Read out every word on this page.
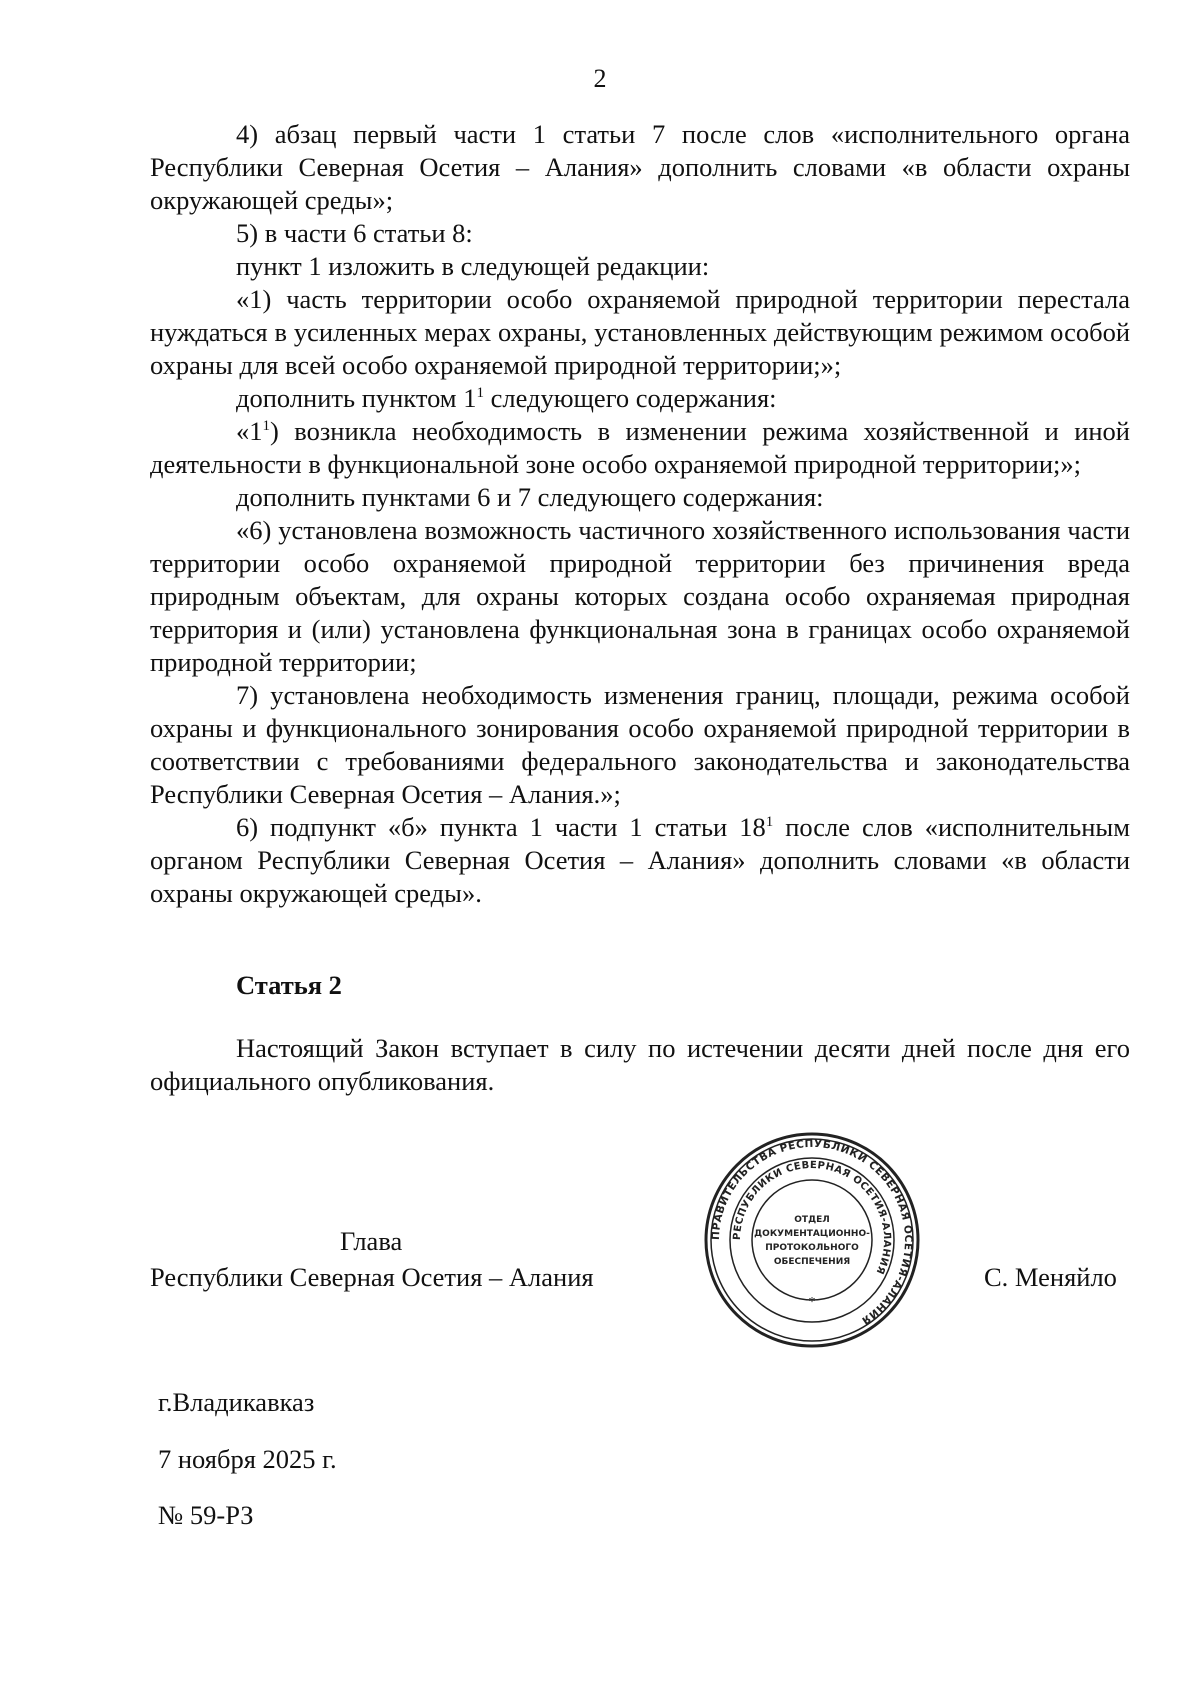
2

4) абзац первый части 1 статьи 7 после слов «исполнительного органа Республики Северная Осетия – Алания» дополнить словами «в области охраны окружающей среды»;

5) в части 6 статьи 8:

пункт 1 изложить в следующей редакции:

«1) часть территории особо охраняемой природной территории перестала нуждаться в усиленных мерах охраны, установленных действующим режимом особой охраны для всей особо охраняемой природной территории;»;

дополнить пунктом $1^1$ следующего содержания:

«$1^1$) возникла необходимость в изменении режима хозяйственной и иной деятельности в функциональной зоне особо охраняемой природной территории;»;

дополнить пунктами 6 и 7 следующего содержания:

«6) установлена возможность частичного хозяйственного использования части территории особо охраняемой природной территории без причинения вреда природным объектам, для охраны которых создана особо охраняемая природная территория и (или) установлена функциональная зона в границах особо охраняемой природной территории;

7) установлена необходимость изменения границ, площади, режима особой охраны и функционального зонирования особо охраняемой природной территории в соответствии с требованиями федерального законодательства и законодательства Республики Северная Осетия – Алания.»;

6) подпункт «б» пункта 1 части 1 статьи $18^1$ после слов «исполнительным органом Республики Северная Осетия – Алания» дополнить словами «в области охраны окружающей среды».

Статья 2

Настоящий Закон вступает в силу по истечении десяти дней после дня его официального опубликования.

Глава
Республики Северная Осетия – Алания	С. Меняйло
ПРАВИТЕЛЬСТВА РЕСПУБЛИКИ СЕВЕРНАЯ ОСЕТИЯ-АЛАНИЯ
РЕСПУБЛИКИ СЕВЕРНАЯ ОСЕТИЯ-АЛАНИЯ
ОТДЕЛ
ДОКУМЕНТАЦИОННО-
ПРОТОКОЛЬНОГО
ОБЕСПЕЧЕНИЯ
*
г.Владикавказ
7 ноября 2025 г.
№ 59-РЗ
